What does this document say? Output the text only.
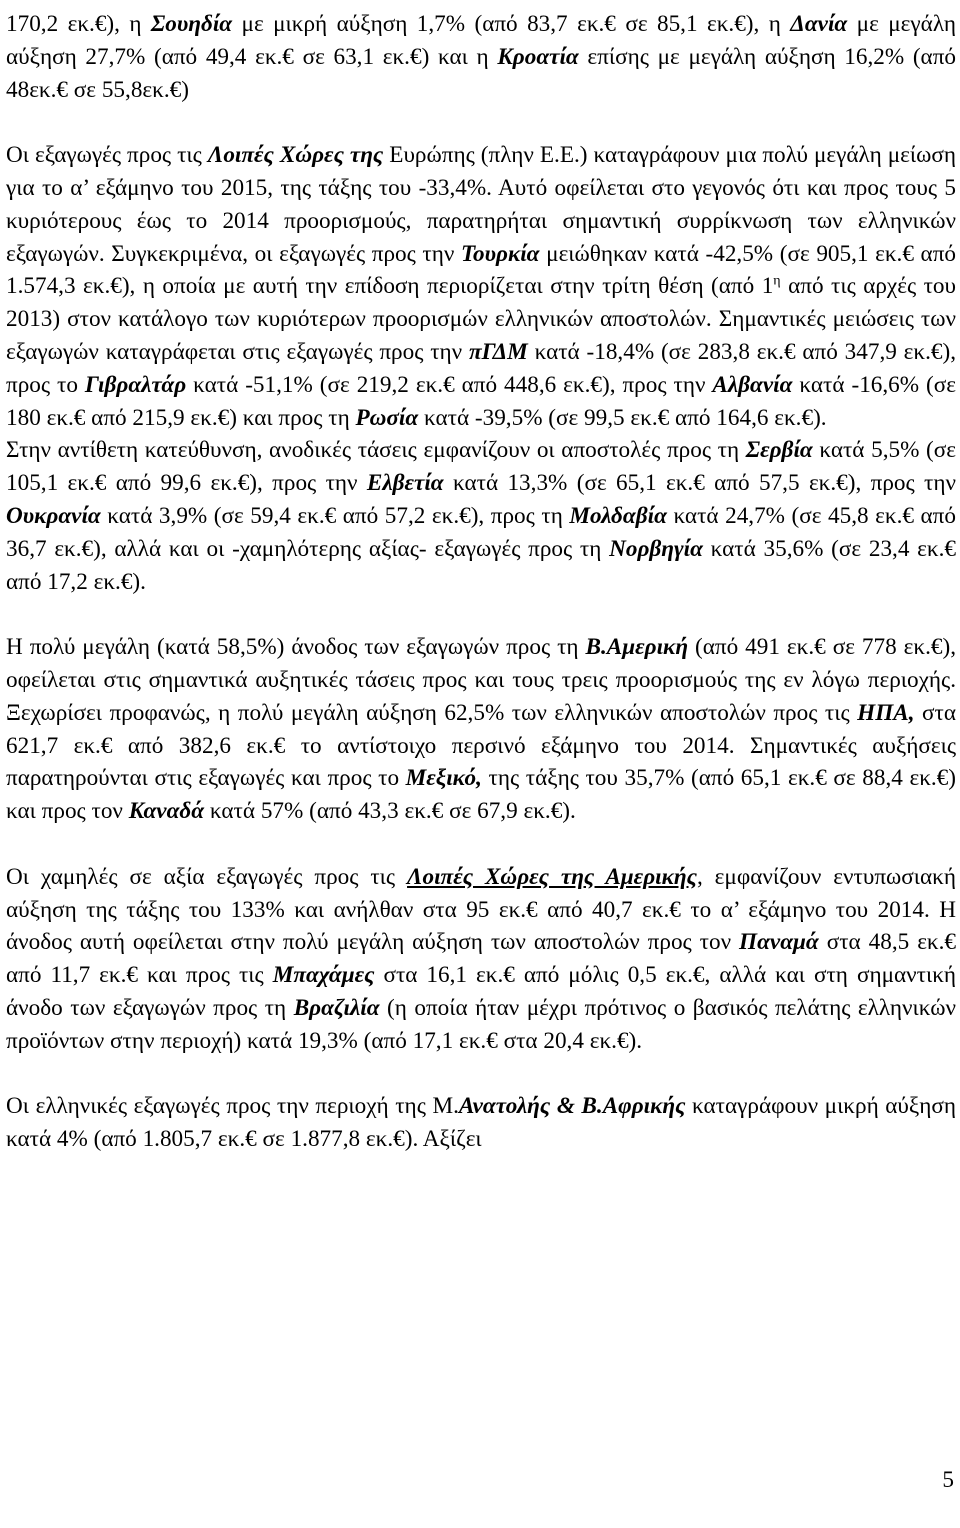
170,2 εκ.€), η Σουηδία με μικρή αύξηση 1,7% (από 83,7 εκ.€ σε 85,1 εκ.€), η Δανία με μεγάλη αύξηση 27,7% (από 49,4 εκ.€ σε 63,1 εκ.€) και η Κροατία επίσης με μεγάλη αύξηση 16,2% (από 48εκ.€ σε 55,8εκ.€)

Οι εξαγωγές προς τις Λοιπές Χώρες της Ευρώπης (πλην Ε.Ε.) καταγράφουν μια πολύ μεγάλη μείωση για το α’ εξάμηνο του 2015, της τάξης του -33,4%. Αυτό οφείλεται στο γεγονός ότι και προς τους 5 κυριότερους έως το 2014 προορισμούς, παρατηρήται σημαντική συρρίκνωση των ελληνικών εξαγωγών. Συγκεκριμένα, οι εξαγωγές προς την Τουρκία μειώθηκαν κατά -42,5% (σε 905,1 εκ.€ από 1.574,3 εκ.€), η οποία με αυτή την επίδοση περιορίζεται στην τρίτη θέση (από $1^\eta$ από τις αρχές του 2013) στον κατάλογο των κυριότερων προορισμών ελληνικών αποστολών. Σημαντικές μειώσεις των εξαγωγών καταγράφεται στις εξαγωγές προς την πΓΔΜ κατά -18,4% (σε 283,8 εκ.€ από 347,9 εκ.€), προς το Γιβραλτάρ κατά -51,1% (σε 219,2 εκ.€ από 448,6 εκ.€), προς την Αλβανία κατά -16,6% (σε 180 εκ.€ από 215,9 εκ.€) και προς τη Ρωσία κατά -39,5% (σε 99,5 εκ.€ από 164,6 εκ.€).
Στην αντίθετη κατεύθυνση, ανοδικές τάσεις εμφανίζουν οι αποστολές προς τη Σερβία κατά 5,5% (σε 105,1 εκ.€ από 99,6 εκ.€), προς την Ελβετία κατά 13,3% (σε 65,1 εκ.€ από 57,5 εκ.€), προς την Ουκρανία κατά 3,9% (σε 59,4 εκ.€ από 57,2 εκ.€), προς τη Μολδαβία κατά 24,7% (σε 45,8 εκ.€ από 36,7 εκ.€), αλλά και οι -χαμηλότερης αξίας- εξαγωγές προς τη Νορβηγία κατά 35,6% (σε 23,4 εκ.€ από 17,2 εκ.€).

Η πολύ μεγάλη (κατά 58,5%) άνοδος των εξαγωγών προς τη Β.Αμερική (από 491 εκ.€ σε 778 εκ.€), οφείλεται στις σημαντικά αυξητικές τάσεις προς και τους τρεις προορισμούς της εν λόγω περιοχής. Ξεχωρίσει προφανώς, η πολύ μεγάλη αύξηση 62,5% των ελληνικών αποστολών προς τις ΗΠΑ, στα 621,7 εκ.€ από 382,6 εκ.€ το αντίστοιχο περσινό εξάμηνο του 2014. Σημαντικές αυξήσεις παρατηρούνται στις εξαγωγές και προς το Μεξικό, της τάξης του 35,7% (από 65,1 εκ.€ σε 88,4 εκ.€) και προς τον Καναδά κατά 57% (από 43,3 εκ.€ σε 67,9 εκ.€).

Οι χαμηλές σε αξία εξαγωγές προς τις Λοιπές Χώρες της Αμερικής, εμφανίζουν εντυπωσιακή αύξηση της τάξης του 133% και ανήλθαν στα 95 εκ.€ από 40,7 εκ.€ το α’ εξάμηνο του 2014. Η άνοδος αυτή οφείλεται στην πολύ μεγάλη αύξηση των αποστολών προς τον Παναμά στα 48,5 εκ.€ από 11,7 εκ.€ και προς τις Μπαχάμες στα 16,1 εκ.€ από μόλις 0,5 εκ.€, αλλά και στη σημαντική άνοδο των εξαγωγών προς τη Βραζιλία (η οποία ήταν μέχρι πρότινος ο βασικός πελάτης ελληνικών προϊόντων στην περιοχή) κατά 19,3% (από 17,1 εκ.€ στα 20,4 εκ.€).

Οι ελληνικές εξαγωγές προς την περιοχή της Μ.Ανατολής & Β.Αφρικής καταγράφουν μικρή αύξηση κατά 4% (από 1.805,7 εκ.€ σε 1.877,8 εκ.€). Αξίζει

5
